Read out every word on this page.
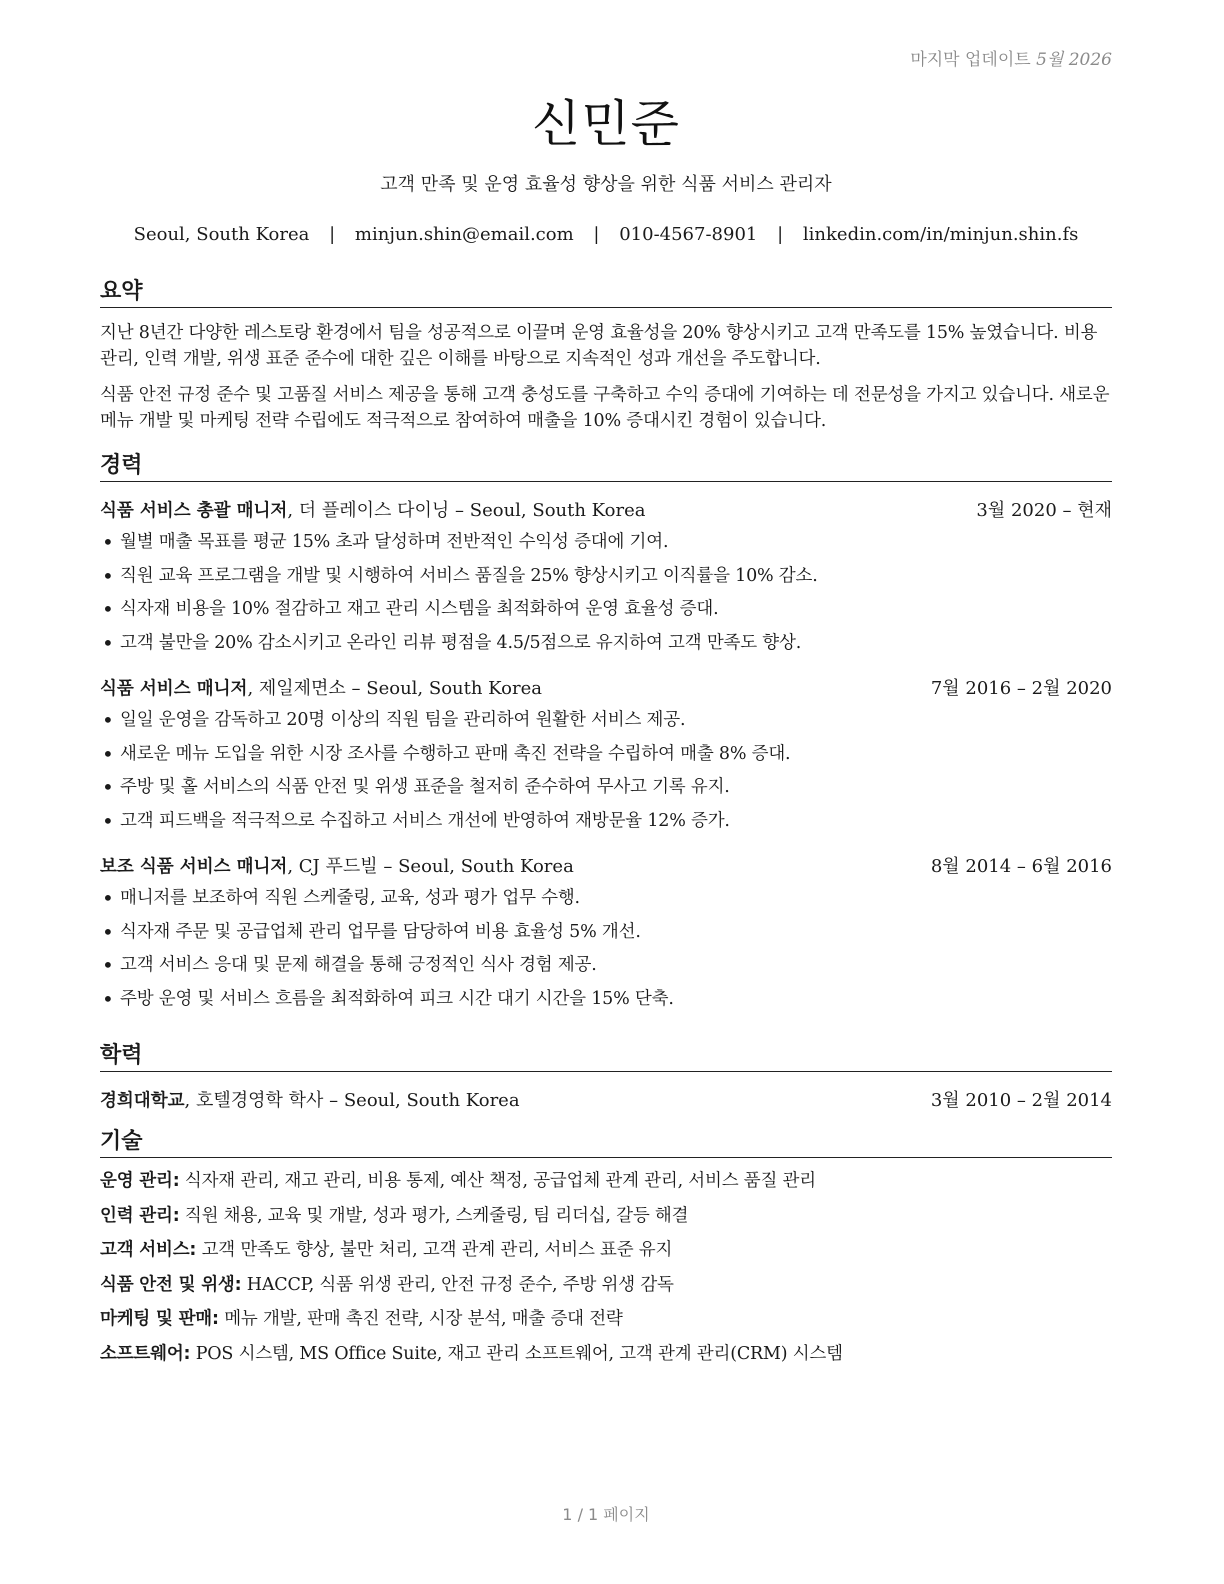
마지막 업데이트 5월 2026
신민준
고객 만족 및 운영 효율성 향상을 위한 식품 서비스 관리자
Seoul, South Korea | minjun.shin@email.com | 010-4567-8901 | linkedin.com/in/minjun.shin.fs
요약
지난 8년간 다양한 레스토랑 환경에서 팀을 성공적으로 이끌며 운영 효율성을 20% 향상시키고 고객 만족도를 15% 높였습니다. 비용 관리, 인력 개발, 위생 표준 준수에 대한 깊은 이해를 바탕으로 지속적인 성과 개선을 주도합니다.
식품 안전 규정 준수 및 고품질 서비스 제공을 통해 고객 충성도를 구축하고 수익 증대에 기여하는 데 전문성을 가지고 있습니다. 새로운 메뉴 개발 및 마케팅 전략 수립에도 적극적으로 참여하여 매출을 10% 증대시킨 경험이 있습니다.
경력
식품 서비스 총괄 매니저, 더 플레이스 다이닝 – Seoul, South Korea	3월 2020 – 현재
• 월별 매출 목표를 평균 15% 초과 달성하며 전반적인 수익성 증대에 기여.
• 직원 교육 프로그램을 개발 및 시행하여 서비스 품질을 25% 향상시키고 이직률을 10% 감소.
• 식자재 비용을 10% 절감하고 재고 관리 시스템을 최적화하여 운영 효율성 증대.
• 고객 불만을 20% 감소시키고 온라인 리뷰 평점을 4.5/5점으로 유지하여 고객 만족도 향상.
식품 서비스 매니저, 제일제면소 – Seoul, South Korea	7월 2016 – 2월 2020
• 일일 운영을 감독하고 20명 이상의 직원 팀을 관리하여 원활한 서비스 제공.
• 새로운 메뉴 도입을 위한 시장 조사를 수행하고 판매 촉진 전략을 수립하여 매출 8% 증대.
• 주방 및 홀 서비스의 식품 안전 및 위생 표준을 철저히 준수하여 무사고 기록 유지.
• 고객 피드백을 적극적으로 수집하고 서비스 개선에 반영하여 재방문율 12% 증가.
보조 식품 서비스 매니저, CJ 푸드빌 – Seoul, South Korea	8월 2014 – 6월 2016
• 매니저를 보조하여 직원 스케줄링, 교육, 성과 평가 업무 수행.
• 식자재 주문 및 공급업체 관리 업무를 담당하여 비용 효율성 5% 개선.
• 고객 서비스 응대 및 문제 해결을 통해 긍정적인 식사 경험 제공.
• 주방 운영 및 서비스 흐름을 최적화하여 피크 시간 대기 시간을 15% 단축.
학력
경희대학교, 호텔경영학 학사 – Seoul, South Korea	3월 2010 – 2월 2014
기술
운영 관리: 식자재 관리, 재고 관리, 비용 통제, 예산 책정, 공급업체 관계 관리, 서비스 품질 관리
인력 관리: 직원 채용, 교육 및 개발, 성과 평가, 스케줄링, 팀 리더십, 갈등 해결
고객 서비스: 고객 만족도 향상, 불만 처리, 고객 관계 관리, 서비스 표준 유지
식품 안전 및 위생: HACCP, 식품 위생 관리, 안전 규정 준수, 주방 위생 감독
마케팅 및 판매: 메뉴 개발, 판매 촉진 전략, 시장 분석, 매출 증대 전략
소프트웨어: POS 시스템, MS Office Suite, 재고 관리 소프트웨어, 고객 관계 관리(CRM) 시스템
1 / 1 페이지
